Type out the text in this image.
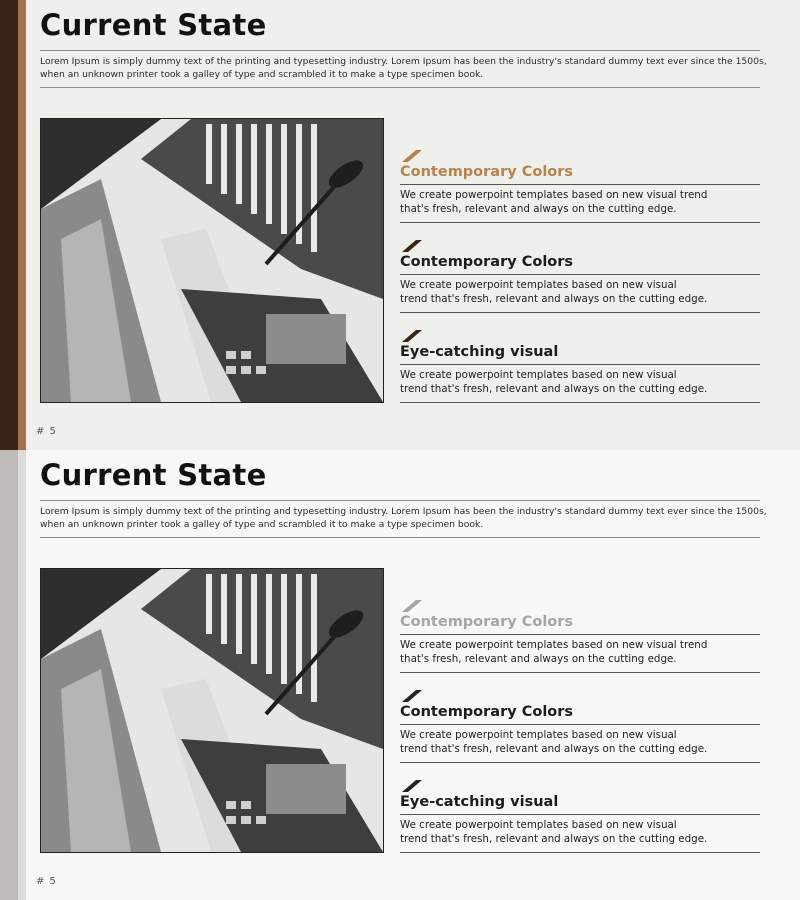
Current State
Lorem Ipsum is simply dummy text of the printing and typesetting industry. Lorem Ipsum has been the industry's standard dummy text ever since the 1500s,
when an unknown printer took a galley of type and scrambled it to make a type specimen book.
Contemporary Colors
We create powerpoint templates based on new visual trend
that's fresh, relevant and always on the cutting edge.
Contemporary Colors
We create powerpoint templates based on new visual
trend that's fresh, relevant and always on the cutting edge.
Eye-catching visual
We create powerpoint templates based on new visual
trend that's fresh, relevant and always on the cutting edge.
# 5
Current State
Lorem Ipsum is simply dummy text of the printing and typesetting industry. Lorem Ipsum has been the industry's standard dummy text ever since the 1500s,
when an unknown printer took a galley of type and scrambled it to make a type specimen book.
Contemporary Colors
We create powerpoint templates based on new visual trend
that's fresh, relevant and always on the cutting edge.
Contemporary Colors
We create powerpoint templates based on new visual
trend that's fresh, relevant and always on the cutting edge.
Eye-catching visual
We create powerpoint templates based on new visual
trend that's fresh, relevant and always on the cutting edge.
# 5
